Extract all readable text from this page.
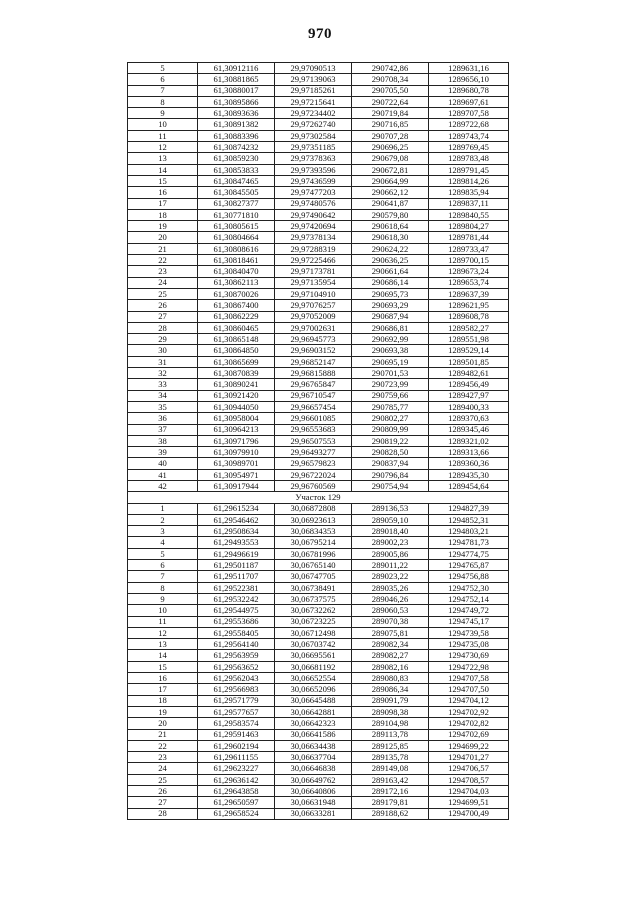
970
5	61,30912116	29,97090513	290742,86	1289631,16
6	61,30881865	29,97139063	290708,34	1289656,10
7	61,30880017	29,97185261	290705,50	1289680,78
8	61,30895866	29,97215641	290722,64	1289697,61
9	61,30893636	29,97234402	290719,84	1289707,58
10	61,30891382	29,97262740	290716,85	1289722,68
11	61,30883396	29,97302584	290707,28	1289743,74
12	61,30874232	29,97351185	290696,25	1289769,45
13	61,30859230	29,97378363	290679,08	1289783,48
14	61,30853833	29,97393596	290672,81	1289791,45
15	61,30847465	29,97436599	290664,99	1289814,26
16	61,30845505	29,97477203	290662,12	1289835,94
17	61,30827377	29,97480576	290641,87	1289837,11
18	61,30771810	29,97490642	290579,80	1289840,55
19	61,30805615	29,97420694	290618,64	1289804,27
20	61,30804664	29,97378134	290618,30	1289781,44
21	61,30808616	29,97288319	290624,22	1289733,47
22	61,30818461	29,97225466	290636,25	1289700,15
23	61,30840470	29,97173781	290661,64	1289673,24
24	61,30862113	29,97135954	290686,14	1289653,74
25	61,30870026	29,97104910	290695,73	1289637,39
26	61,30867400	29,97076257	290693,29	1289621,95
27	61,30862229	29,97052009	290687,94	1289608,78
28	61,30860465	29,97002631	290686,81	1289582,27
29	61,30865148	29,96945773	290692,99	1289551,98
30	61,30864850	29,96903152	290693,38	1289529,14
31	61,30865699	29,96852147	290695,19	1289501,85
32	61,30870839	29,96815888	290701,53	1289482,61
33	61,30890241	29,96765847	290723,99	1289456,49
34	61,30921420	29,96710547	290759,66	1289427,97
35	61,30944050	29,96657454	290785,77	1289400,33
36	61,30958004	29,96601085	290802,27	1289370,63
37	61,30964213	29,96553683	290809,99	1289345,46
38	61,30971796	29,96507553	290819,22	1289321,02
39	61,30979910	29,96493277	290828,50	1289313,66
40	61,30989701	29,96579823	290837,94	1289360,36
41	61,30954971	29,96722024	290796,84	1289435,30
42	61,30917944	29,96760569	290754,94	1289454,64
Участок 129				
1	61,29615234	30,06872808	289136,53	1294827,39
2	61,29546462	30,06923613	289059,10	1294852,31
3	61,29508634	30,06834353	289018,40	1294803,21
4	61,29493553	30,06795214	289002,23	1294781,73
5	61,29496619	30,06781996	289005,86	1294774,75
6	61,29501187	30,06765140	289011,22	1294765,87
7	61,29511707	30,06747705	289023,22	1294756,88
8	61,29522381	30,06738491	289035,26	1294752,30
9	61,29532242	30,06737575	289046,26	1294752,14
10	61,29544975	30,06732262	289060,53	1294749,72
11	61,29553686	30,06723225	289070,38	1294745,17
12	61,29558405	30,06712498	289075,81	1294739,58
13	61,29564140	30,06703742	289082,34	1294735,08
14	61,29563959	30,06695561	289082,27	1294730,69
15	61,29563652	30,06681192	289082,16	1294722,98
16	61,29562043	30,06652554	289080,83	1294707,58
17	61,29566983	30,06652096	289086,34	1294707,50
18	61,29571779	30,06645488	289091,79	1294704,12
19	61,29577657	30,06642881	289098,38	1294702,92
20	61,29583574	30,06642323	289104,98	1294702,82
21	61,29591463	30,06641586	289113,78	1294702,69
22	61,29602194	30,06634438	289125,85	1294699,22
23	61,29611155	30,06637704	289135,78	1294701,27
24	61,29623227	30,06646838	289149,08	1294706,57
25	61,29636142	30,06649762	289163,42	1294708,57
26	61,29643858	30,06640806	289172,16	1294704,03
27	61,29650597	30,06631948	289179,81	1294699,51
28	61,29658524	30,06633281	289188,62	1294700,49
